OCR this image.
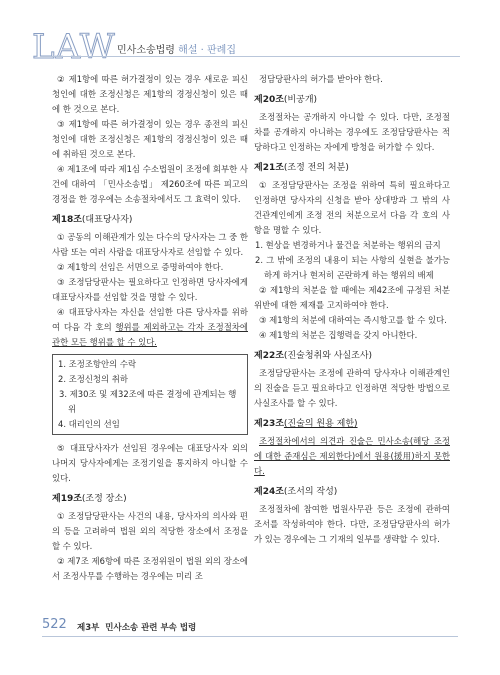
LAW 민사소송법령 해설 · 판례집

② 제1항에 따른 허가결정이 있는 경우 새로운 피신청인에 대한 조정신청은 제1항의 경정신청이 있은 때에 한 것으로 본다.

③ 제1항에 따른 허가결정이 있는 경우 종전의 피신청인에 대한 조정신청은 제1항의 경정신청이 있은 때에 취하된 것으로 본다.

④ 제1조에 따라 제1심 수소법원이 조정에 회부한 사건에 대하여 「민사소송법」 제260조에 따른 피고의 경정을 한 경우에는 소송절차에서도 그 효력이 있다.

제18조(대표당사자)

① 공동의 이해관계가 있는 다수의 당사자는 그 중 한 사람 또는 여러 사람을 대표당사자로 선임할 수 있다.

② 제1항의 선임은 서면으로 증명하여야 한다.

③ 조정담당판사는 필요하다고 인정하면 당사자에게 대표당사자를 선임할 것을 명할 수 있다.

④ 대표당사자는 자신을 선임한 다른 당사자를 위하여 다음 각 호의 행위를 제외하고는 각자 조정절차에 관한 모든 행위를 할 수 있다.

1. 조정조항안의 수락
2. 조정신청의 취하
3. 제30조 및 제32조에 따른 결정에 관계되는 행위
4. 대리인의 선임

⑤ 대표당사자가 선임된 경우에는 대표당사자 외의 나머지 당사자에게는 조정기일을 통지하지 아니할 수 있다.

제19조(조정 장소)

① 조정담당판사는 사건의 내용, 당사자의 의사와 편의 등을 고려하여 법원 외의 적당한 장소에서 조정을 할 수 있다.

② 제7조 제6항에 따른 조정위원이 법원 외의 장소에서 조정사무를 수행하는 경우에는 미리 조

정담당판사의 허가를 받아야 한다.

제20조(비공개)

조정절차는 공개하지 아니할 수 있다. 다만, 조정절차를 공개하지 아니하는 경우에도 조정담당판사는 적당하다고 인정하는 자에게 방청을 허가할 수 있다.

제21조(조정 전의 처분)

① 조정담당판사는 조정을 위하여 특히 필요하다고 인정하면 당사자의 신청을 받아 상대방과 그 밖의 사건관계인에게 조정 전의 처분으로서 다음 각 호의 사항을 명할 수 있다.

1. 현상을 변경하거나 물건을 처분하는 행위의 금지

2. 그 밖에 조정의 내용이 되는 사항의 실현을 불가능하게 하거나 현저히 곤란하게 하는 행위의 배제

② 제1항의 처분을 할 때에는 제42조에 규정된 처분 위반에 대한 제재를 고지하여야 한다.

③ 제1항의 처분에 대하여는 즉시항고를 할 수 있다.

④ 제1항의 처분은 집행력을 갖지 아니한다.

제22조(진술청취와 사실조사)

조정담당판사는 조정에 관하여 당사자나 이해관계인의 진술을 듣고 필요하다고 인정하면 적당한 방법으로 사실조사를 할 수 있다.

제23조(진술의 원용 제한)

조정절차에서의 의견과 진술은 민사소송(해당 조정에 대한 준재심은 제외한다)에서 원용(援用)하지 못한다.

제24조(조서의 작성)

조정절차에 참여한 법원사무관 등은 조정에 관하여 조서를 작성하여야 한다. 다만, 조정담당판사의 허가가 있는 경우에는 그 기재의 일부를 생략할 수 있다.

522 제3부 민사소송 관련 부속 법령
